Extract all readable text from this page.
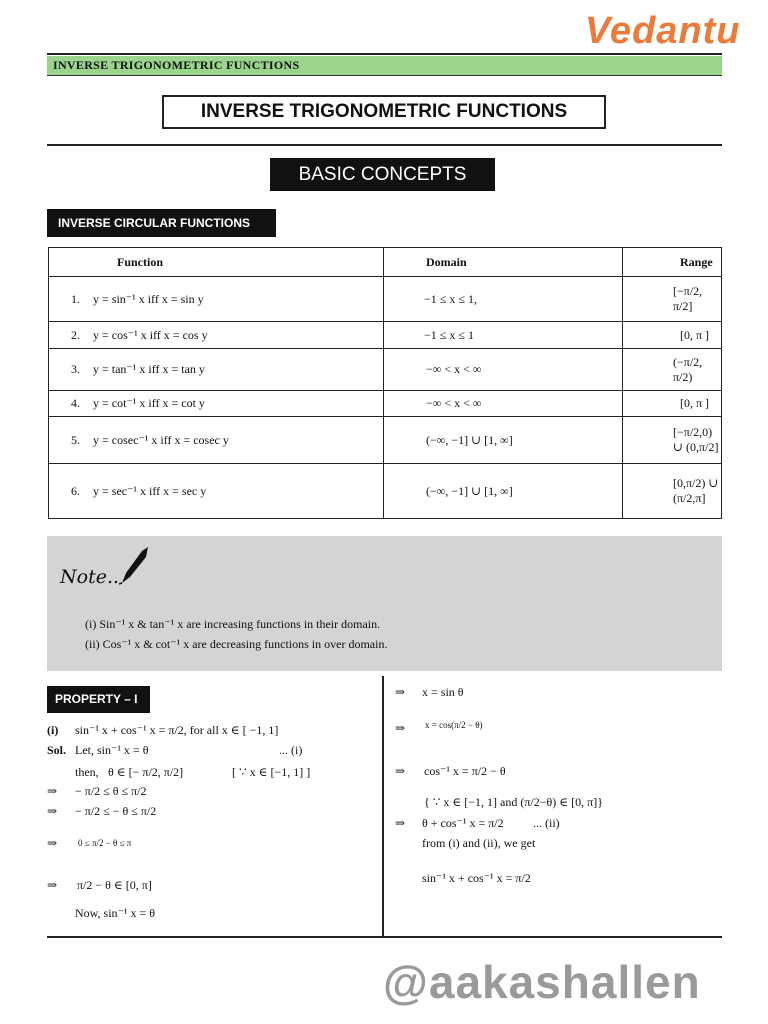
Vedantu
INVERSE TRIGONOMETRIC FUNCTIONS
INVERSE TRIGONOMETRIC FUNCTIONS
BASIC CONCEPTS
INVERSE CIRCULAR FUNCTIONS
Function	Domain	Range
1. y = sin⁻¹ x iff x = sin y	−1 ≤ x ≤ 1,	[−π/2, π/2]
2. y = cos⁻¹ x iff x = cos y	−1 ≤ x ≤ 1	[0, π ]
3. y = tan⁻¹ x iff x = tan y	−∞ < x < ∞	(−π/2, π/2)
4. y = cot⁻¹ x iff x = cot y	−∞ < x < ∞	[0, π ]
5. y = cosec⁻¹ x iff x = cosec y	(−∞, −1] ∪ [1, ∞]	[−π/2,0) ∪ (0,π/2]
6. y = sec⁻¹ x iff x = sec y	(−∞, −1] ∪ [1, ∞]	[0,π/2) ∪ (π/2,π]
Note..
(i) Sin⁻¹ x & tan⁻¹ x are increasing functions in their domain.
(ii) Cos⁻¹ x & cot⁻¹ x are decreasing functions in over domain.
PROPERTY – I
(i) sin⁻¹ x + cos⁻¹ x = π/2, for all x ∈ [ −1, 1]
Sol. Let, sin⁻¹ x = θ	... (i)
then, θ ∈ [− π/2, π/2]	[ ∵ x ∈ [−1, 1] ]
⇒ − π/2 ≤ θ ≤ π/2
⇒ − π/2 ≤ − θ ≤ π/2
⇒ 0 ≤ π/2 − θ ≤ π
⇒ π/2 − θ ∈ [0, π]
Now, sin⁻¹ x = θ
⇒ x = sin θ
⇒ x = cos(π/2 − θ)
⇒ cos⁻¹ x = π/2 − θ
{ ∵ x ∈ [−1, 1] and (π/2−θ) ∈ [0, π]}
⇒ θ + cos⁻¹ x = π/2 ... (ii)
from (i) and (ii), we get
sin⁻¹ x + cos⁻¹ x = π/2
@aakashallen
